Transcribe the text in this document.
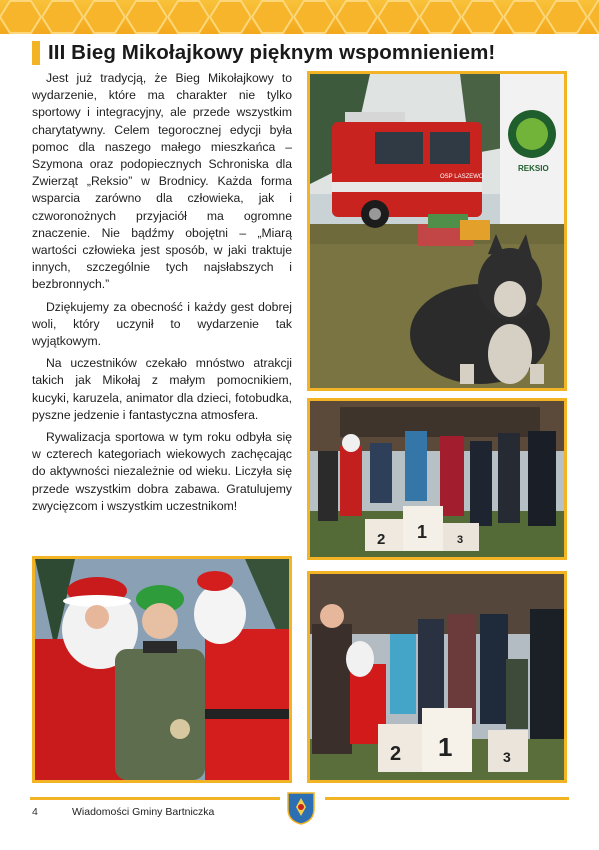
III Bieg Mikołajkowy pięknym wspomnieniem!

Jest już tradycją, że Bieg Mikołajkowy to wydarzenie, które ma charakter nie tylko sportowy i integracyjny, ale przede wszystkim charytatywny. Celem tegorocznej edycji była pomoc dla naszego małego mieszkańca – Szymona oraz podopiecznych Schroniska dla Zwierząt „Reksio” w Brodnicy. Każda forma wsparcia zarówno dla człowieka, jak i czworonożnych przyjaciół ma ogromne znaczenie. Nie bądźmy obojętni – „Miarą wartości człowieka jest sposób, w jaki traktuje innych, szczególnie tych najsłabszych i bezbronnych.”

Dziękujemy za obecność i każdy gest dobrej woli, który uczynił to wydarzenie tak wyjątkowym.

Na uczestników czekało mnóstwo atrakcji takich jak Mikołaj z małym pomocnikiem, kucyki, karuzela, animator dla dzieci, fotobudka, pyszne jedzenie i fantastyczna atmosfera.

Rywalizacja sportowa w tym roku odbyła się w czterech kategoriach wiekowych zachęcając do aktywności niezależnie od wieku. Liczyła się przede wszystkim dobra zabawa. Gratulujemy zwycięzcom i wszystkim uczestnikom!

OSP LASZEWO
REKSIO
2 1	3
2 1	3
4	Wiadomości Gminy Bartniczka
